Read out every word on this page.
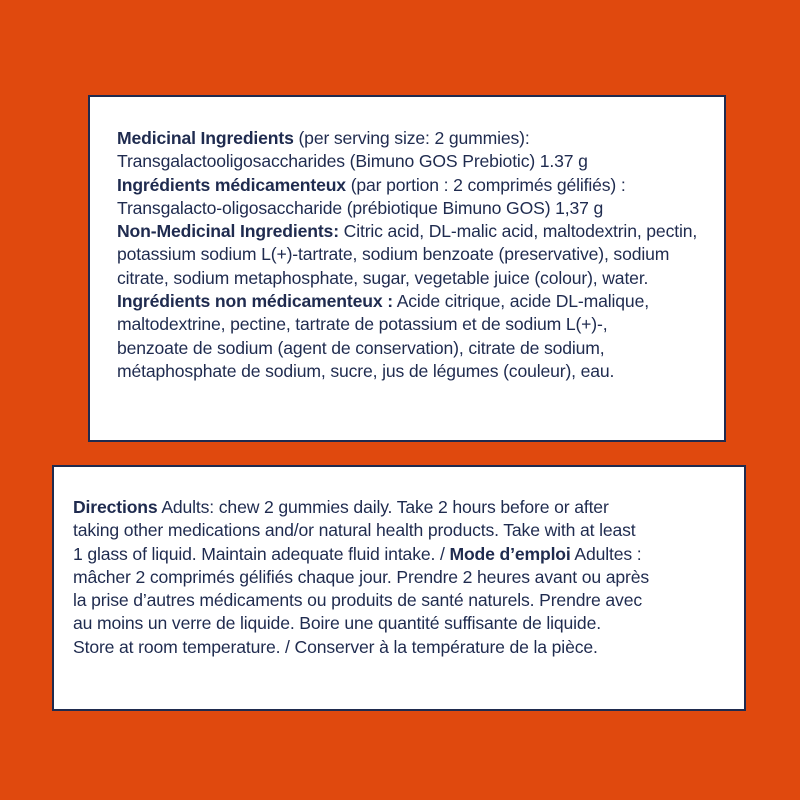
Medicinal Ingredients (per serving size: 2 gummies):
Transgalactooligosaccharides (Bimuno GOS Prebiotic) 1.37 g
Ingrédients médicamenteux (par portion : 2 comprimés gélifiés) :
Transgalacto-oligosaccharide (prébiotique Bimuno GOS) 1,37 g
Non-Medicinal Ingredients: Citric acid, DL-malic acid, maltodextrin, pectin,
potassium sodium L(+)-tartrate, sodium benzoate (preservative), sodium
citrate, sodium metaphosphate, sugar, vegetable juice (colour), water.
Ingrédients non médicamenteux : Acide citrique, acide DL-malique,
maltodextrine, pectine, tartrate de potassium et de sodium L(+)-,
benzoate de sodium (agent de conservation), citrate de sodium,
métaphosphate de sodium, sucre, jus de légumes (couleur), eau.
Directions Adults: chew 2 gummies daily. Take 2 hours before or after
taking other medications and/or natural health products. Take with at least
1 glass of liquid. Maintain adequate fluid intake. / Mode d’emploi Adultes :
mâcher 2 comprimés gélifiés chaque jour. Prendre 2 heures avant ou après
la prise d’autres médicaments ou produits de santé naturels. Prendre avec
au moins un verre de liquide. Boire une quantité suffisante de liquide.
Store at room temperature. / Conserver à la température de la pièce.
